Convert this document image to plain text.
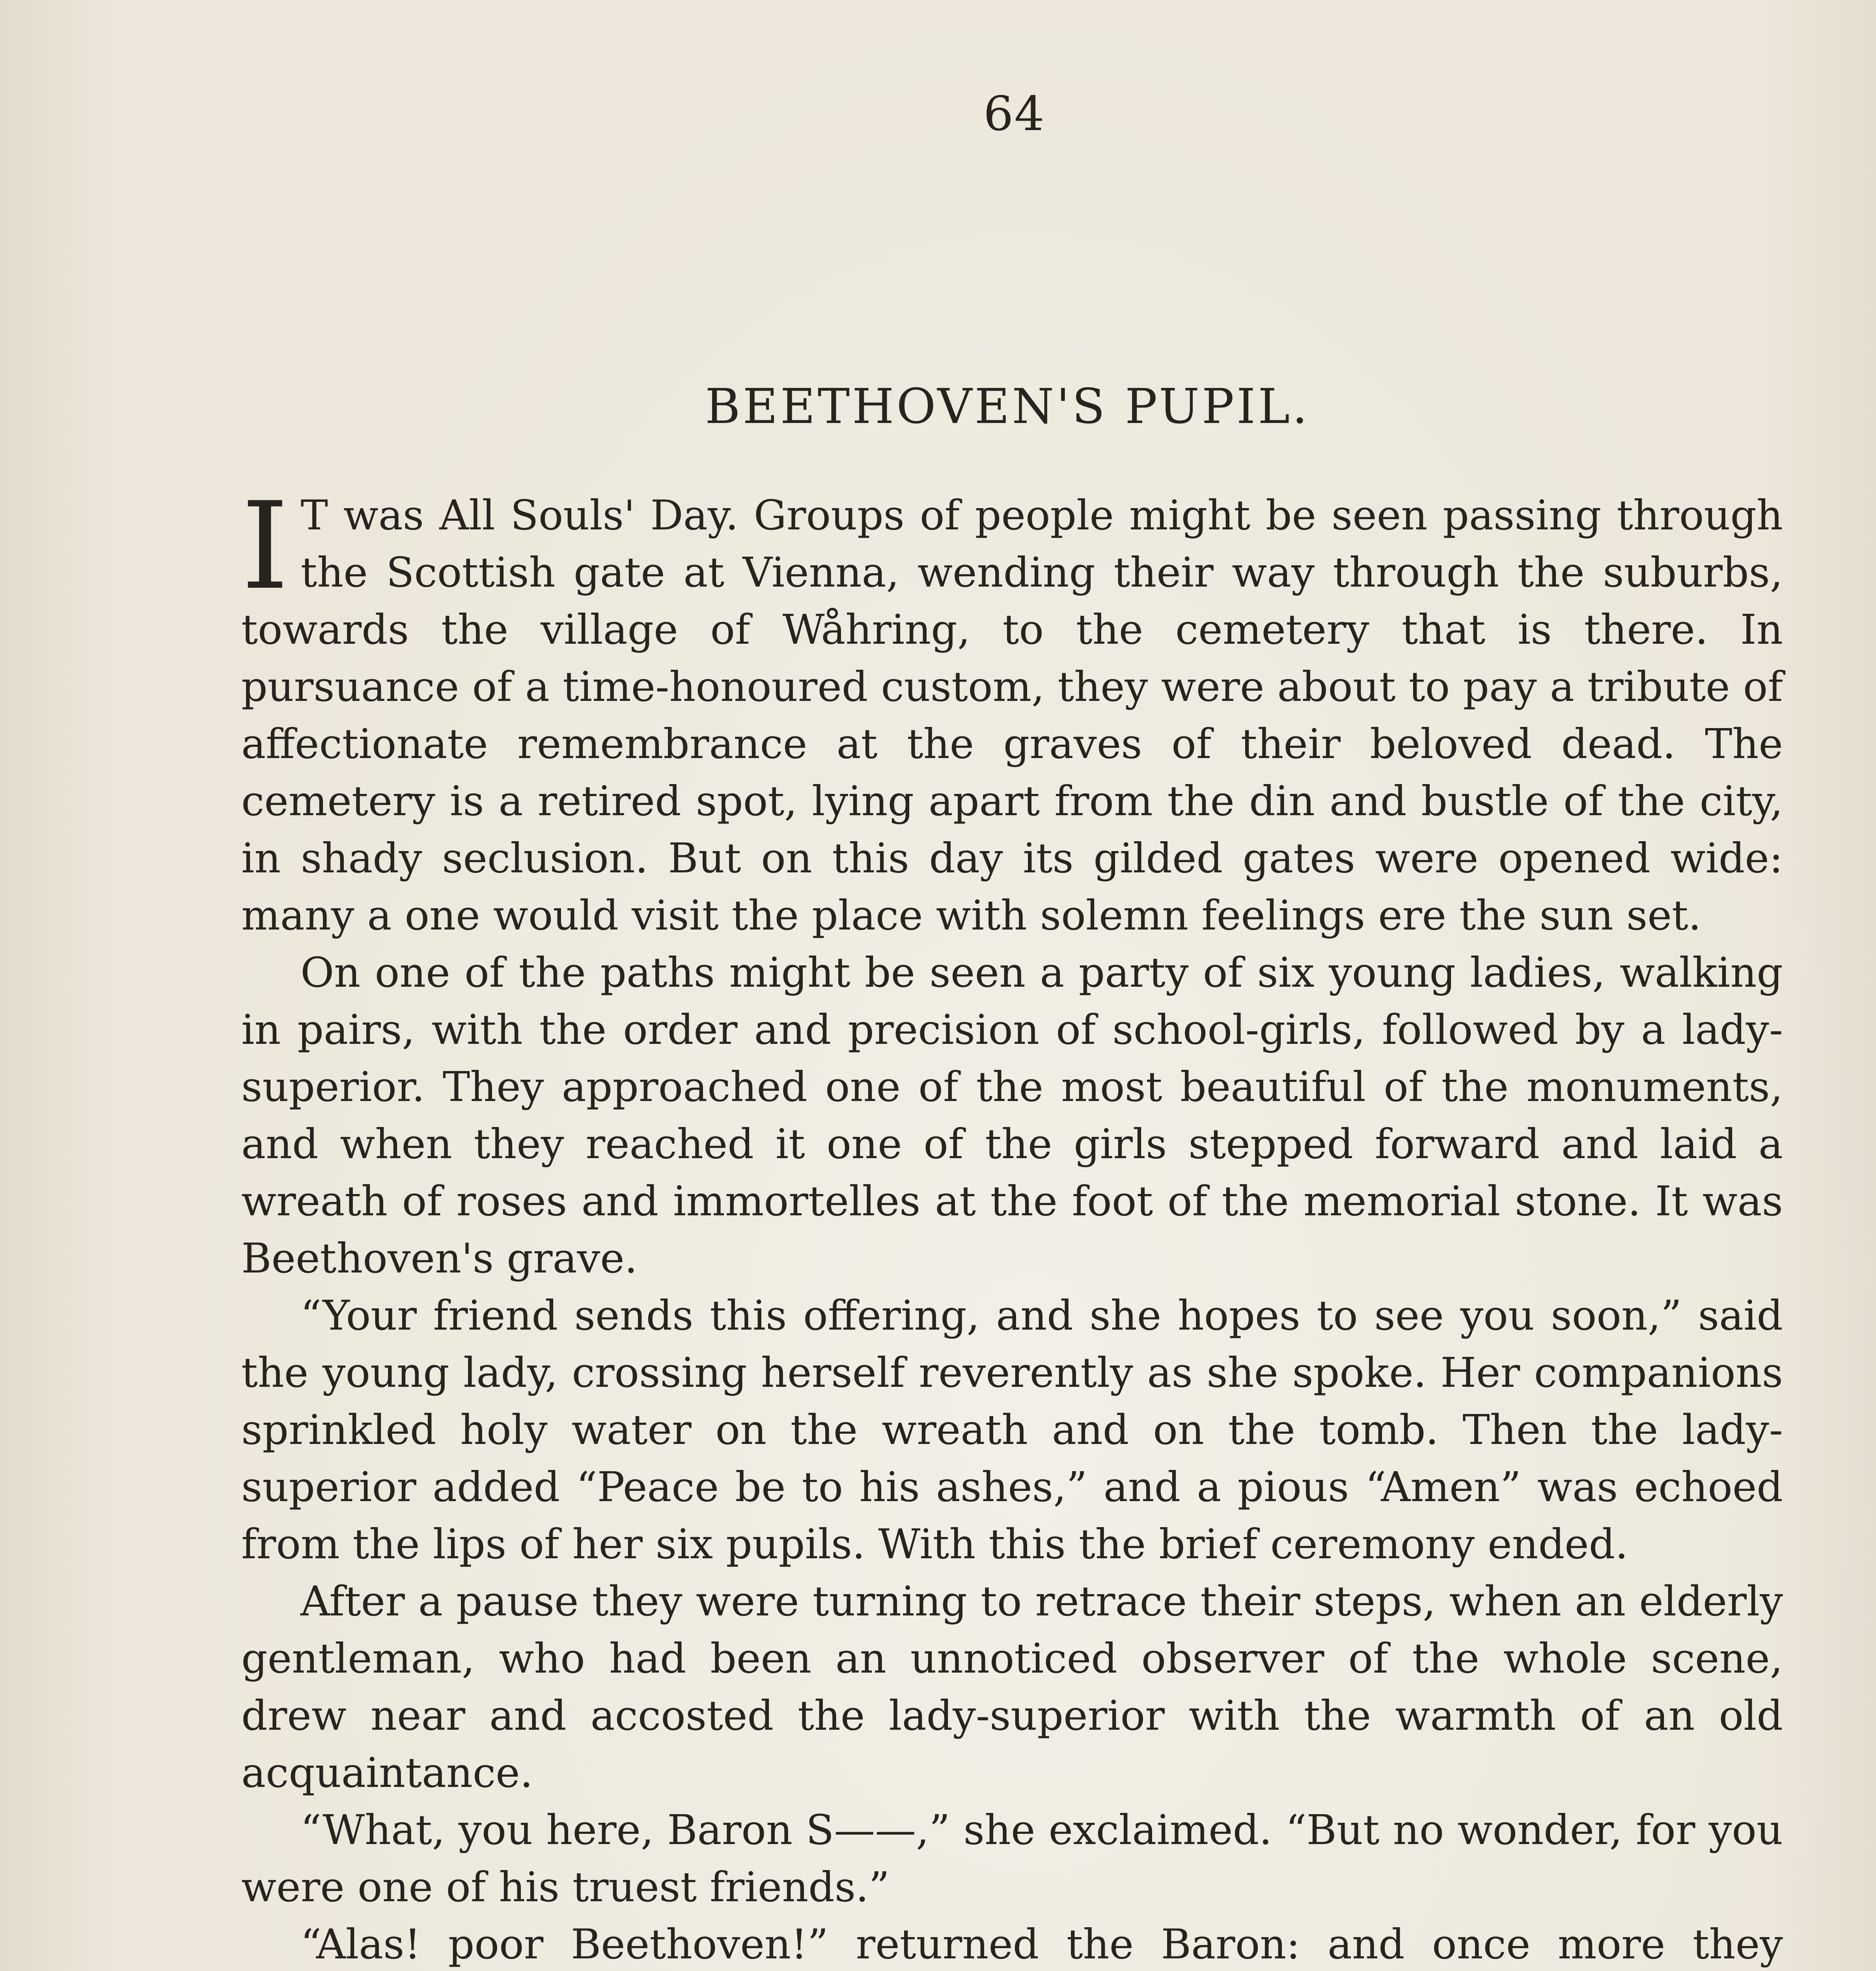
64
BEETHOVEN'S PUPIL.

I T was All Souls' Day. Groups of people might be seen passing through the Scottish gate at Vienna, wending their way through the suburbs, towards the village of Wåhring, to the cemetery that is there. In pursuance of a time-honoured custom, they were about to pay a tribute of affectionate remembrance at the graves of their beloved dead. The cemetery is a retired spot, lying apart from the din and bustle of the city, in shady seclusion. But on this day its gilded gates were opened wide: many a one would visit the place with solemn feelings ere the sun set.

On one of the paths might be seen a party of six young ladies, walking in pairs, with the order and precision of school-girls, followed by a lady-superior. They approached one of the most beautiful of the monuments, and when they reached it one of the girls stepped forward and laid a wreath of roses and immortelles at the foot of the memorial stone. It was Beethoven's grave.

“Your friend sends this offering, and she hopes to see you soon,” said the young lady, crossing herself reverently as she spoke. Her companions sprinkled holy water on the wreath and on the tomb. Then the lady-superior added “Peace be to his ashes,” and a pious “Amen” was echoed from the lips of her six pupils. With this the brief ceremony ended.

After a pause they were turning to retrace their steps, when an elderly gentleman, who had been an unnoticed observer of the whole scene, drew near and accosted the lady-superior with the warmth of an old acquaintance.

“What, you here, Baron S——,” she exclaimed. “But no wonder, for you were one of his truest friends.”

“Alas! poor Beethoven!” returned the Baron: and once more they
